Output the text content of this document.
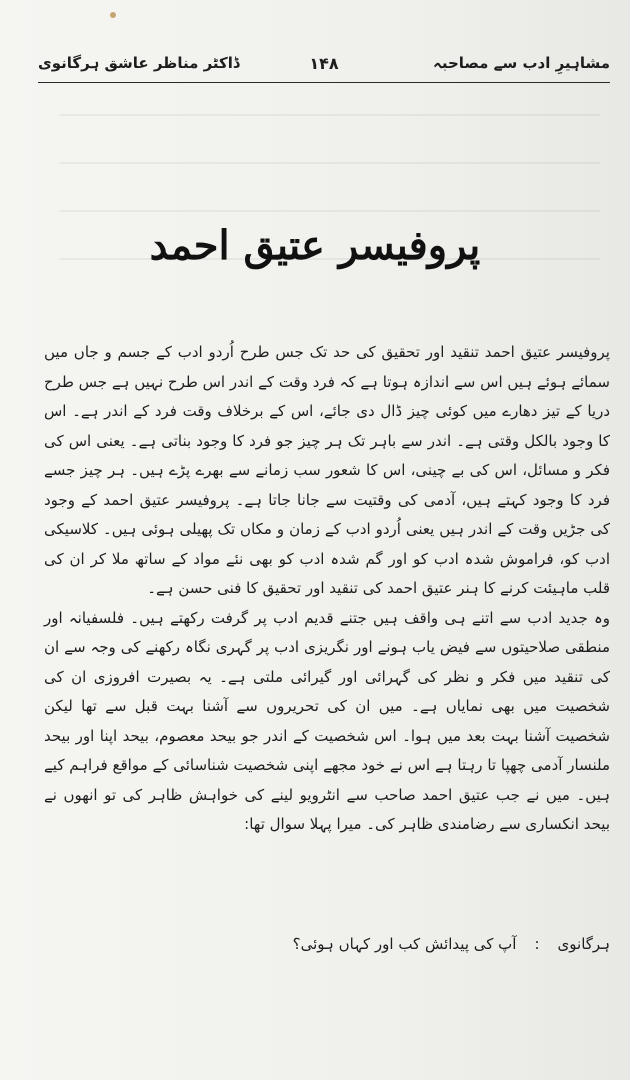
مشاہیرِ ادب سے مصاحبہ
۱۴۸
ڈاکٹر مناظر عاشق ہرگانوی
پروفیسر عتیق احمد

پروفیسر عتیق احمد تنقید اور تحقیق کی حد تک جس طرح اُردو ادب کے جسم و جاں میں سمائے ہوئے ہیں اس سے اندازہ ہوتا ہے کہ فرد وقت کے اندر اس طرح نہیں ہے جس طرح دریا کے تیز دھارے میں کوئی چیز ڈال دی جائے، اس کے برخلاف وقت فرد کے اندر ہے۔ اس کا وجود بالکل وقتی ہے۔ اندر سے باہر تک ہر چیز جو فرد کا وجود بناتی ہے۔ یعنی اس کی فکر و مسائل، اس کی بے چینی، اس کا شعور سب زمانے سے بھرے پڑے ہیں۔ ہر چیز جسے فرد کا وجود کہتے ہیں، آدمی کی وقتیت سے جانا جاتا ہے۔ پروفیسر عتیق احمد کے وجود کی جڑیں وقت کے اندر ہیں یعنی اُردو ادب کے زمان و مکاں تک پھیلی ہوئی ہیں۔ کلاسیکی ادب کو، فراموش شدہ ادب کو اور گم شدہ ادب کو بھی نئے مواد کے ساتھ ملا کر ان کی قلب ماہیئت کرنے کا ہنر عتیق احمد کی تنقید اور تحقیق کا فنی حسن ہے۔

وہ جدید ادب سے اتنے ہی واقف ہیں جتنے قدیم ادب پر گرفت رکھتے ہیں۔ فلسفیانہ اور منطقی صلاحیتوں سے فیض یاب ہونے اور نگریزی ادب پر گہری نگاہ رکھنے کی وجہ سے ان کی تنقید میں فکر و نظر کی گہرائی اور گیرائی ملتی ہے۔ یہ بصیرت افروزی ان کی شخصیت میں بھی نمایاں ہے۔ میں ان کی تحریروں سے آشنا بہت قبل سے تھا لیکن شخصیت آشنا بہت بعد میں ہوا۔ اس شخصیت کے اندر جو بیحد معصوم، بیحد اپنا اور بیحد ملنسار آدمی چھپا تا رہتا ہے اس نے خود مجھے اپنی شخصیت شناسائی کے مواقع فراہم کیے ہیں۔ میں نے جب عتیق احمد صاحب سے انٹرویو لینے کی خواہش ظاہر کی تو انھوں نے بیحد انکساری سے رضامندی ظاہر کی۔ میرا پہلا سوال تھا:

ہرگانوی
:
آپ کی پیدائش کب اور کہاں ہوئی؟
